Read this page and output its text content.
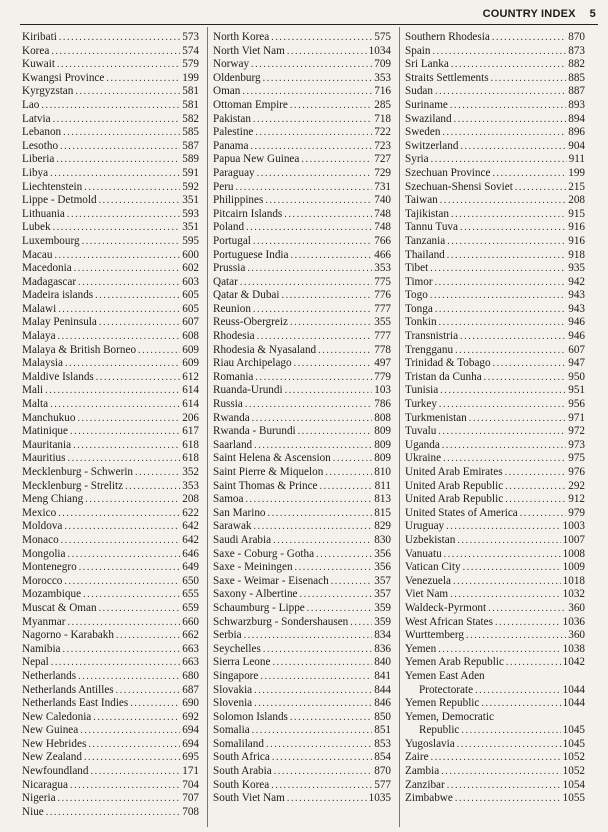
COUNTRY INDEX 5
Kiribati .....	573
Korea .....	574
Kuwait .....	579
Kwangsi Province .....	199
Kyrgyzstan .....	581
Lao .....	581
Latvia .....	582
Lebanon .....	585
Lesotho .....	587
Liberia .....	589
Libya .....	591
Liechtenstein .....	592
Lippe - Detmold .....	351
Lithuania .....	593
Lubek .....	351
Luxembourg .....	595
Macau .....	600
Macedonia .....	602
Madagascar .....	603
Madeira islands .....	605
Malawi .....	605
Malay Peninsula .....	607
Malaya .....	608
Malaya & British Borneo .....	609
Malaysia .....	609
Maldive Islands .....	612
Mali .....	614
Malta .....	614
Manchukuo .....	206
Matinique .....	617
Mauritania .....	618
Mauritius .....	618
Mecklenburg - Schwerin .....	352
Mecklenburg - Strelitz .....	353
Meng Chiang .....	208
Mexico .....	622
Moldova .....	642
Monaco .....	642
Mongolia .....	646
Montenegro .....	649
Morocco .....	650
Mozambique .....	655
Muscat & Oman .....	659
Myanmar .....	660
Nagorno - Karabakh .....	662
Namibia .....	663
Nepal .....	663
Netherlands .....	680
Netherlands Antilles .....	687
Netherlands East Indies .....	690
New Caledonia .....	692
New Guinea .....	694
New Hebrides .....	694
New Zealand .....	695
Newfoundland .....	171
Nicaragua .....	704
Nigeria .....	707
Niue .....	708
North Korea .....	575
North Viet Nam .....	1034
Norway .....	709
Oldenburg .....	353
Oman .....	716
Ottoman Empire .....	285
Pakistan .....	718
Palestine .....	722
Panama .....	723
Papua New Guinea .....	727
Paraguay .....	729
Peru .....	731
Philippines .....	740
Pitcairn Islands .....	748
Poland .....	748
Portugal .....	766
Portuguese India .....	466
Prussia .....	353
Qatar .....	775
Qatar & Dubai .....	776
Reunion .....	777
Reuss-Obergreiz .....	355
Rhodesia .....	777
Rhodesia & Nyasaland .....	778
Riau Archipelago .....	497
Romania .....	779
Ruanda-Urundi .....	103
Russia .....	786
Rwanda .....	808
Rwanda - Burundi .....	809
Saarland .....	809
Saint Helena & Ascension .....	809
Saint Pierre & Miquelon .....	810
Saint Thomas & Prince .....	811
Samoa .....	813
San Marino .....	815
Sarawak .....	829
Saudi Arabia .....	830
Saxe - Coburg - Gotha .....	356
Saxe - Meiningen .....	356
Saxe - Weimar - Eisenach .....	357
Saxony - Albertine .....	357
Schaumburg - Lippe .....	359
Schwarzburg - Sondershausen ..... 359
Serbia .....	834
Seychelles .....	836
Sierra Leone .....	840
Singapore .....	841
Slovakia .....	844
Slovenia .....	846
Solomon Islands .....	850
Somalia .....	851
Somaliland .....	853
South Africa .....	854
South Arabia .....	870
South Korea .....	577
South Viet Nam .....	1035
Southern Rhodesia .....	870
Spain .....	873
Sri Lanka .....	882
Straits Settlements .....	885
Sudan .....	887
Suriname .....	893
Swaziland .....	894
Sweden .....	896
Switzerland .....	904
Syria .....	911
Szechuan Province .....	199
Szechuan-Shensi Soviet .....	215
Taiwan .....	208
Tajikistan .....	915
Tannu Tuva .....	916
Tanzania .....	916
Thailand .....	918
Tibet .....	935
Timor .....	942
Togo .....	943
Tonga .....	943
Tonkin .....	946
Transnistria .....	946
Trengganu .....	607
Trinidad & Tobago .....	947
Tristan da Cunha .....	950
Tunisia .....	951
Turkey .....	956
Turkmenistan .....	971
Tuvalu .....	972
Uganda .....	973
Ukraine .....	975
United Arab Emirates .....	976
United Arab Republic .....	292
United Arab Republic .....	912
United States of America .....	979
Uruguay .....	1003
Uzbekistan .....	1007
Vanuatu .....	1008
Vatican City .....	1009
Venezuela .....	1018
Viet Nam .....	1032
Waldeck-Pyrmont .....	360
West African States .....	1036
Wurttemberg .....	360
Yemen .....	1038
Yemen Arab Republic .....	1042
Yemen East Aden
Protectorate .....	1044
Yemen Republic .....	1044
Yemen, Democratic
Republic .....	1045
Yugoslavia .....	1045
Zaire .....	1052
Zambia .....	1052
Zanzibar .....	1054
Zimbabwe .....	1055
